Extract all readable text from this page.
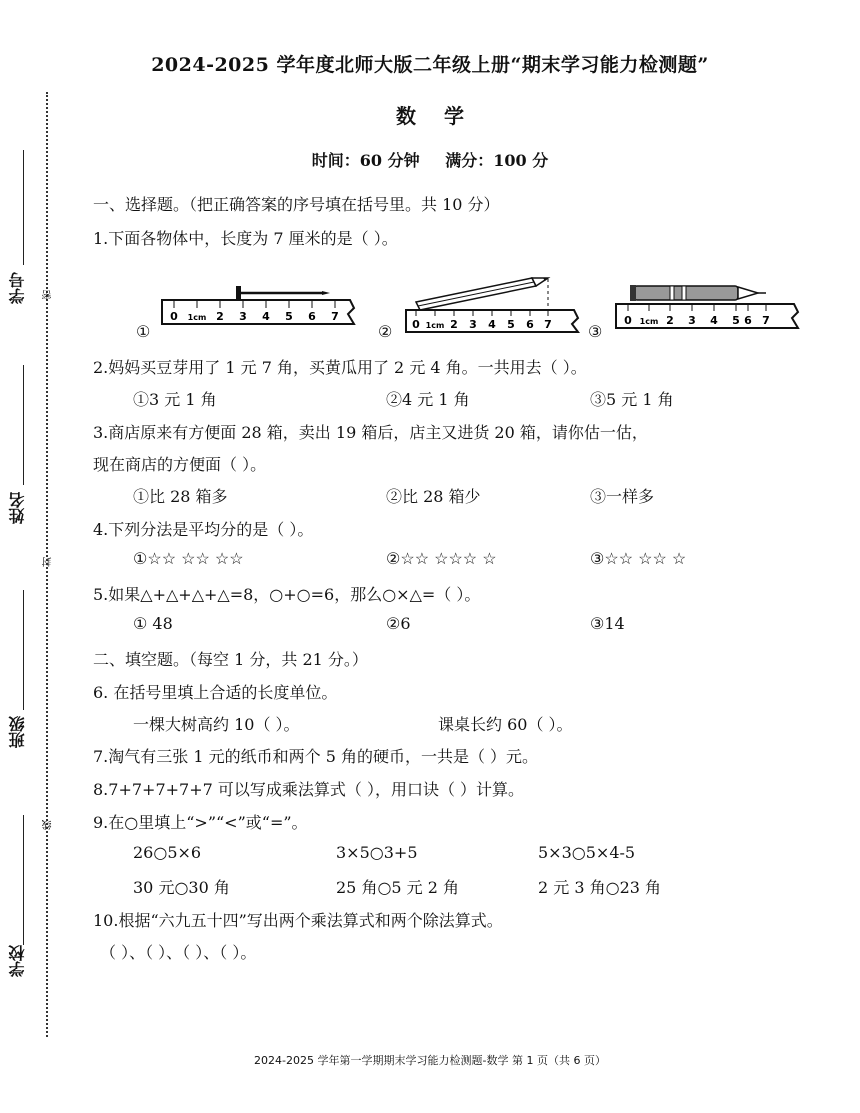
学号 密
姓名
封
班级
线
学校
2024-2025 学年度北师大版二年级上册“期末学习能力检测题”
数学
时间：60 分钟 满分：100 分
一、选择题。（把正确答案的序号填在括号里。共 10 分）
1.下面各物体中，长度为 7 厘米的是（ ）。
①	②	③
0 1cm 2 3 4 5 6 7
0 1cm 2 3 4 5 6 7	0 1cm 2 3 4 5 6 7
2.妈妈买豆芽用了 1 元 7 角，买黄瓜用了 2 元 4 角。一共用去（ ）。
①3 元 1 角	②4 元 1 角	③5 元 1 角
3.商店原来有方便面 28 箱，卖出 19 箱后，店主又进货 20 箱，请你估一估，
现在商店的方便面（ ）。
①比 28 箱多	②比 28 箱少	③一样多
4.下列分法是平均分的是（ ）。
①☆☆ ☆☆ ☆☆	②☆☆ ☆☆☆ ☆	③☆☆ ☆☆ ☆
5.如果△+△+△+△=8，○+○=6，那么○×△=（ ）。
① 48	②6	③14
二、填空题。（每空 1 分，共 21 分。）
6. 在括号里填上合适的长度单位。
一棵大树高约 10（ ）。	课桌长约 60（ ）。
7.淘气有三张 1 元的纸币和两个 5 角的硬币，一共是（ ）元。
8.7+7+7+7+7 可以写成乘法算式（ ），用口诀（ ）计算。
9.在○里填上“>”“<”或“=”。
26○5×6	3×5○3+5	5×3○5×4-5
30 元○30 角	25 角○5 元 2 角	2 元 3 角○23 角
10.根据“六九五十四”写出两个乘法算式和两个除法算式。
（ ）、（ ）、（ ）、（ ）。
2024-2025 学年第一学期期末学习能力检测题-数学 第 1 页（共 6 页）
